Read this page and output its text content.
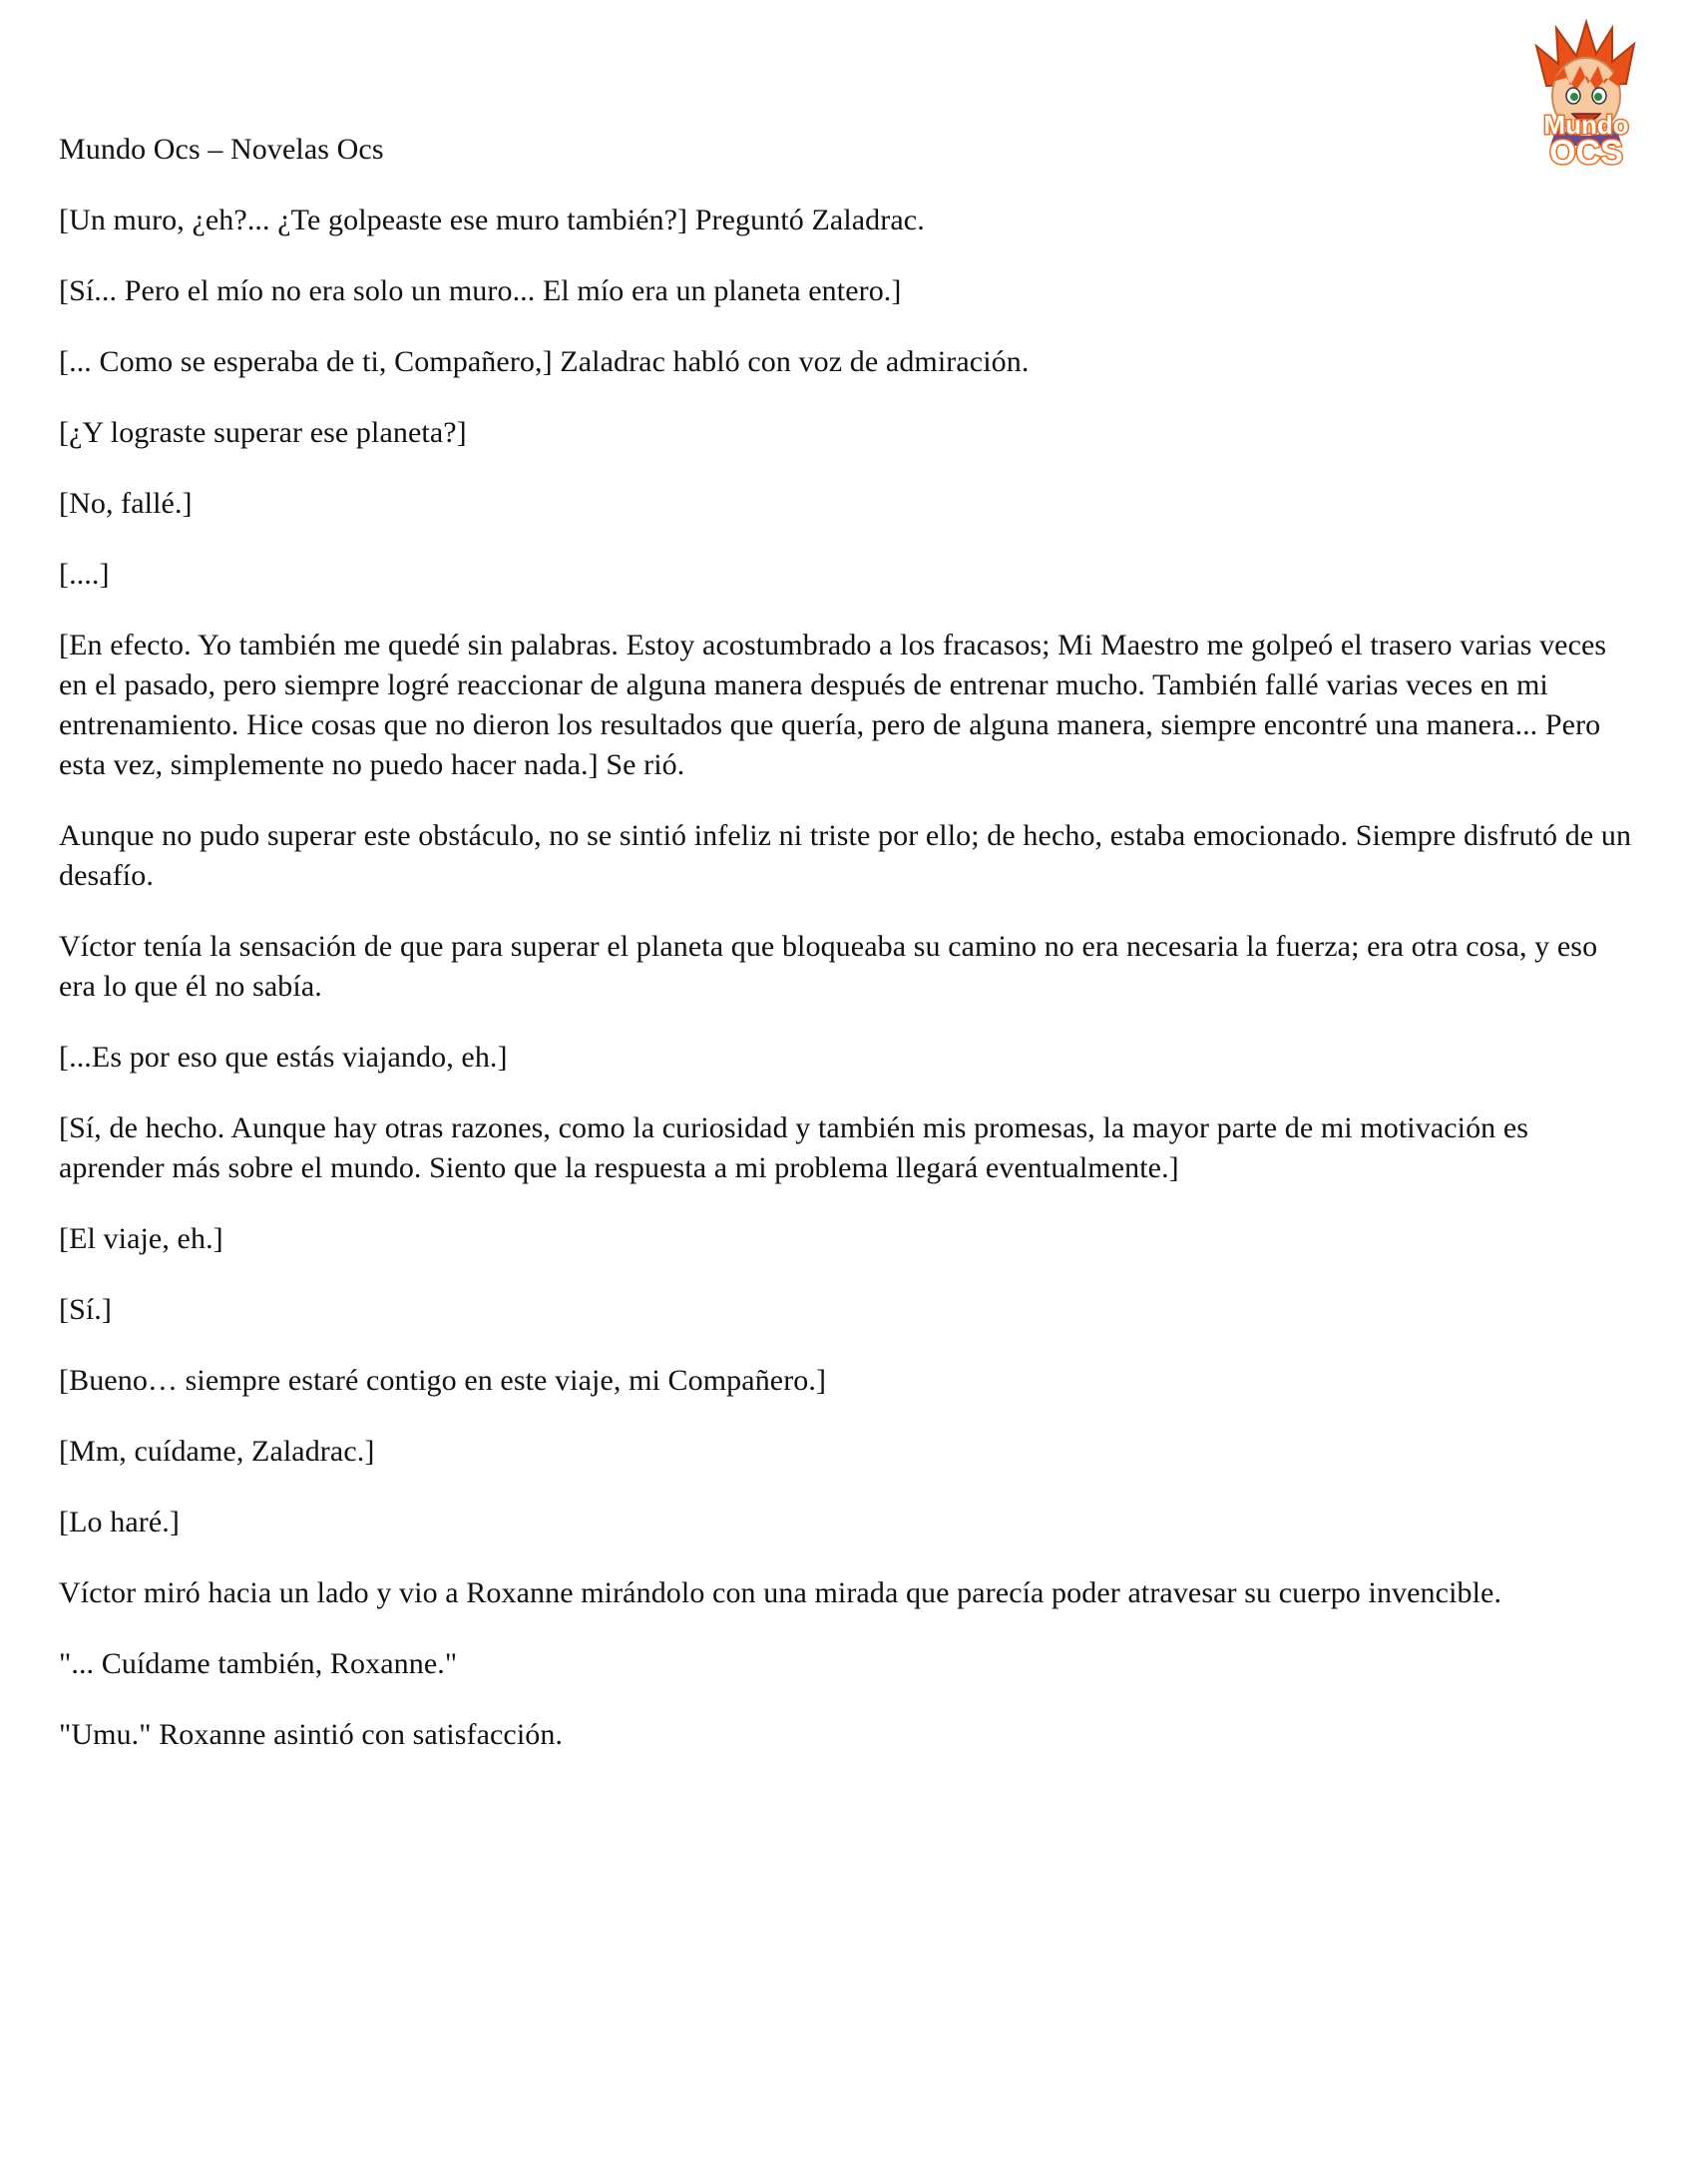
Mundo
OCS

Mundo Ocs – Novelas Ocs

[Un muro, ¿eh?... ¿Te golpeaste ese muro también?] Preguntó Zaladrac.

[Sí... Pero el mío no era solo un muro... El mío era un planeta entero.]

[... Como se esperaba de ti, Compañero,] Zaladrac habló con voz de admiración.

[¿Y lograste superar ese planeta?]

[No, fallé.]

[....]

[En efecto. Yo también me quedé sin palabras. Estoy acostumbrado a los fracasos; Mi Maestro me golpeó el trasero varias veces en el pasado, pero siempre logré reaccionar de alguna manera después de entrenar mucho. También fallé varias veces en mi entrenamiento. Hice cosas que no dieron los resultados que quería, pero de alguna manera, siempre encontré una manera... Pero esta vez, simplemente no puedo hacer nada.] Se rió.

Aunque no pudo superar este obstáculo, no se sintió infeliz ni triste por ello; de hecho, estaba emocionado. Siempre disfrutó de un desafío.

Víctor tenía la sensación de que para superar el planeta que bloqueaba su camino no era necesaria la fuerza; era otra cosa, y eso era lo que él no sabía.

[...Es por eso que estás viajando, eh.]

[Sí, de hecho. Aunque hay otras razones, como la curiosidad y también mis promesas, la mayor parte de mi motivación es aprender más sobre el mundo. Siento que la respuesta a mi problema llegará eventualmente.]

[El viaje, eh.]

[Sí.]

[Bueno… siempre estaré contigo en este viaje, mi Compañero.]

[Mm, cuídame, Zaladrac.]

[Lo haré.]

Víctor miró hacia un lado y vio a Roxanne mirándolo con una mirada que parecía poder atravesar su cuerpo invencible.

"... Cuídame también, Roxanne."

"Umu." Roxanne asintió con satisfacción.
